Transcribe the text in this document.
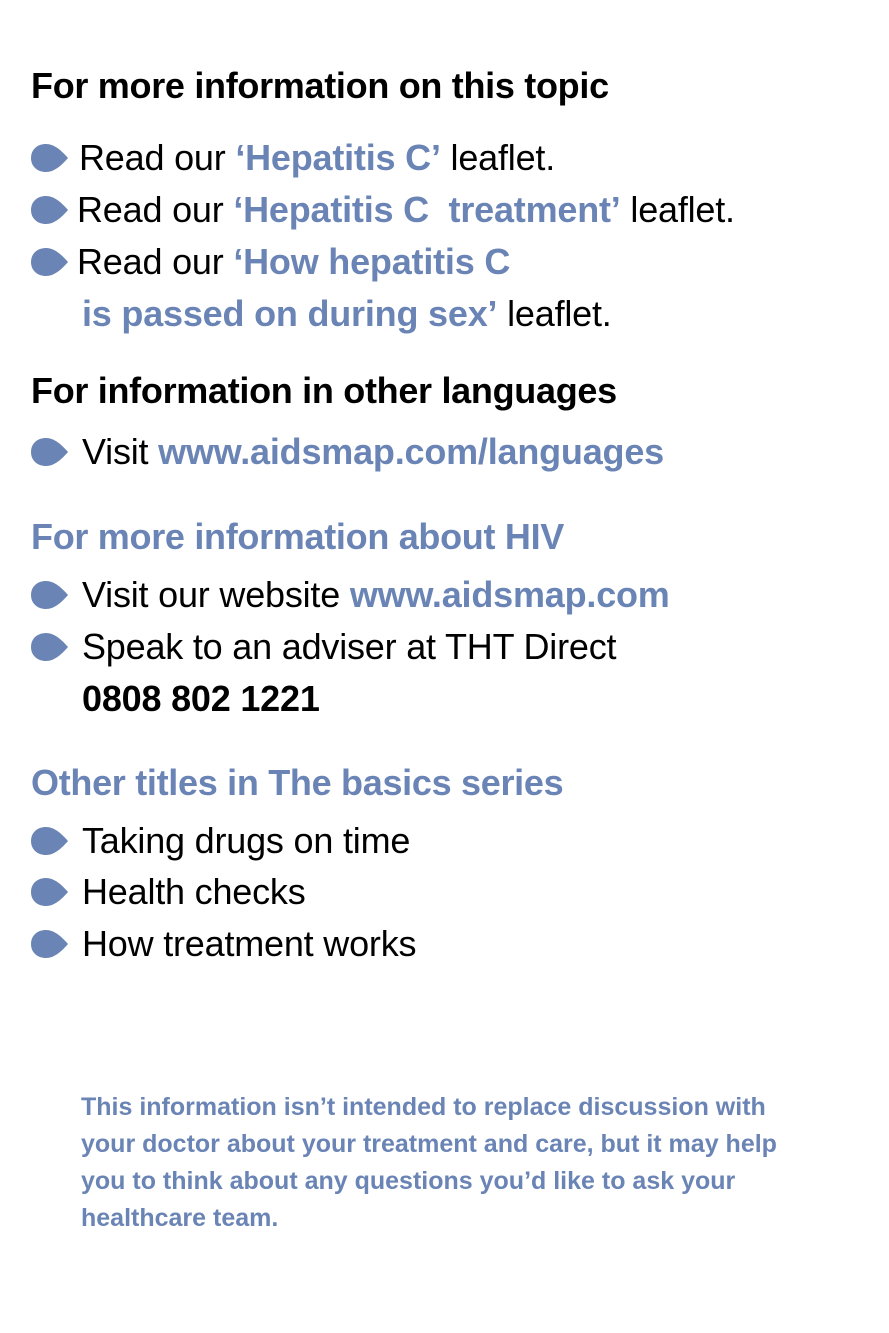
For more information on this topic
Read our ‘Hepatitis C’ leaflet.
Read our ‘Hepatitis C  treatment’ leaflet.
Read our ‘How hepatitis C
is passed on during sex’ leaflet.
For information in other languages
Visit www.aidsmap.com/languages
For more information about HIV
Visit our website www.aidsmap.com
Speak to an adviser at THT Direct
0808 802 1221
Other titles in The basics series
Taking drugs on time
Health checks
How treatment works

This information isn’t intended to replace discussion with your doctor about your treatment and care, but it may help you to think about any questions you’d like to ask your healthcare team.
